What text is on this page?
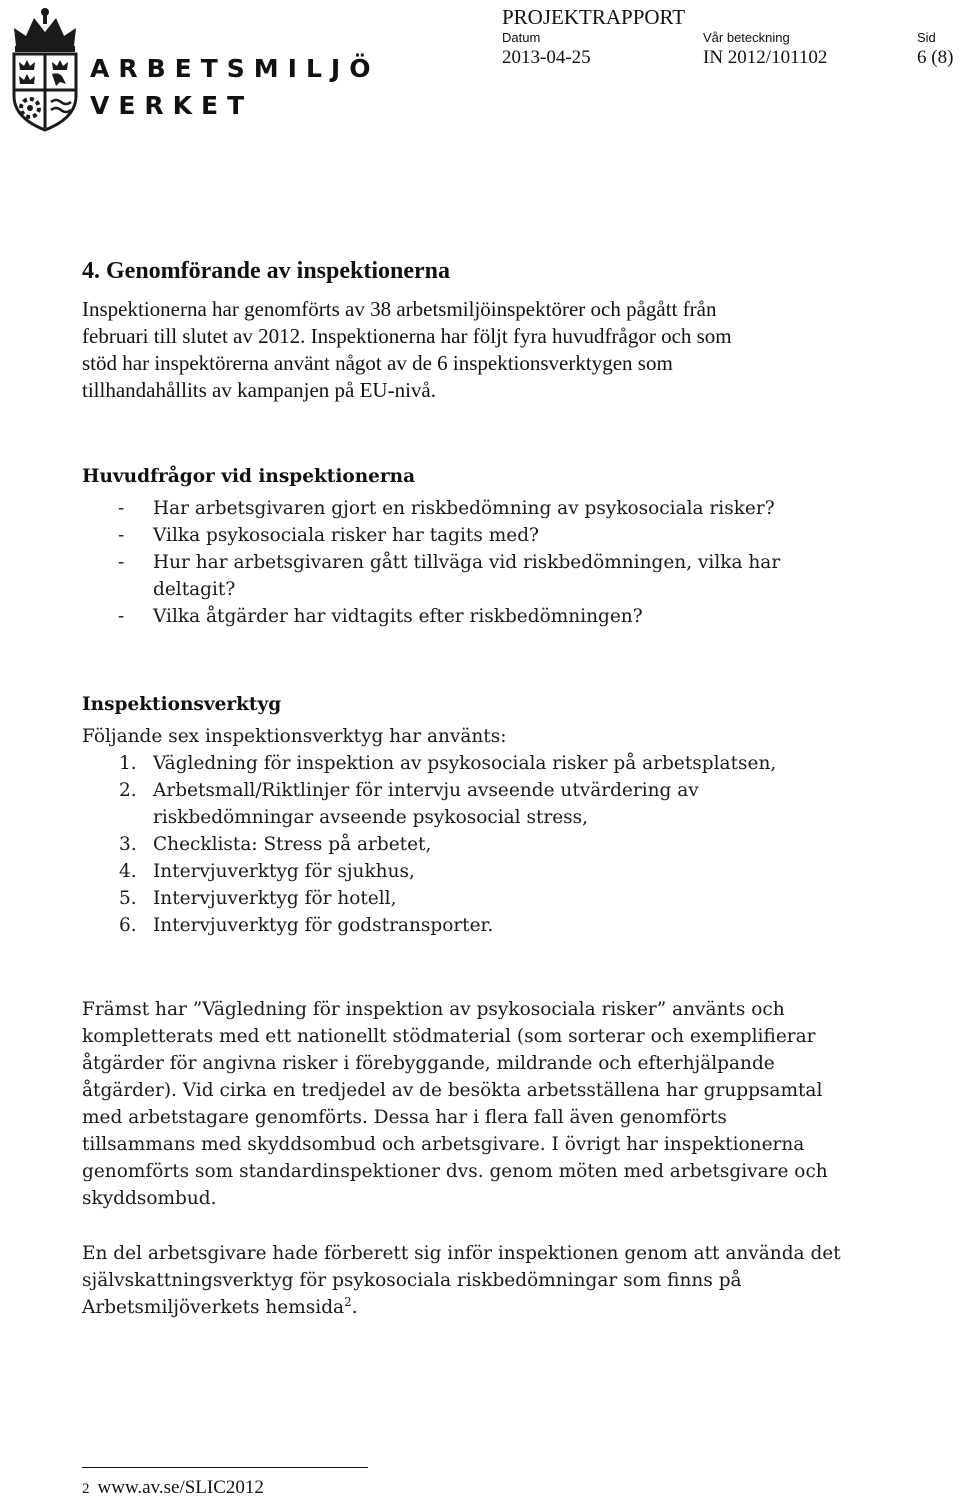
ARBETSMILJÖ
VERKET
PROJEKTRAPPORT
Datum
2013-04-25
Vår beteckning
IN 2012/101102
Sid
6 (8)
4. Genomförande av inspektionerna
Inspektionerna har genomförts av 38 arbetsmiljöinspektörer och pågått från
februari till slutet av 2012. Inspektionerna har följt fyra huvudfrågor och som
stöd har inspektörerna använt något av de 6 inspektionsverktygen som
tillhandahållits av kampanjen på EU-nivå.
Huvudfrågor vid inspektionerna
- Har arbetsgivaren gjort en riskbedömning av psykosociala risker?
- Vilka psykosociala risker har tagits med?
- Hur har arbetsgivaren gått tillväga vid riskbedömningen, vilka har
deltagit?
- Vilka åtgärder har vidtagits efter riskbedömningen?
Inspektionsverktyg
Följande sex inspektionsverktyg har använts:
1. Vägledning för inspektion av psykosociala risker på arbetsplatsen,
2. Arbetsmall/Riktlinjer för intervju avseende utvärdering av
riskbedömningar avseende psykosocial stress,
3. Checklista: Stress på arbetet,
4. Intervjuverktyg för sjukhus,
5. Intervjuverktyg för hotell,
6. Intervjuverktyg för godstransporter.
Främst har ”Vägledning för inspektion av psykosociala risker” använts och
kompletterats med ett nationellt stödmaterial (som sorterar och exemplifierar
åtgärder för angivna risker i förebyggande, mildrande och efterhjälpande
åtgärder). Vid cirka en tredjedel av de besökta arbetsställena har gruppsamtal
med arbetstagare genomförts. Dessa har i flera fall även genomförts
tillsammans med skyddsombud och arbetsgivare. I övrigt har inspektionerna
genomförts som standardinspektioner dvs. genom möten med arbetsgivare och
skyddsombud.
En del arbetsgivare hade förberett sig inför inspektionen genom att använda det
självskattningsverktyg för psykosociala riskbedömningar som finns på
Arbetsmiljöverkets hemsida$^2$.
2 www.av.se/SLIC2012
